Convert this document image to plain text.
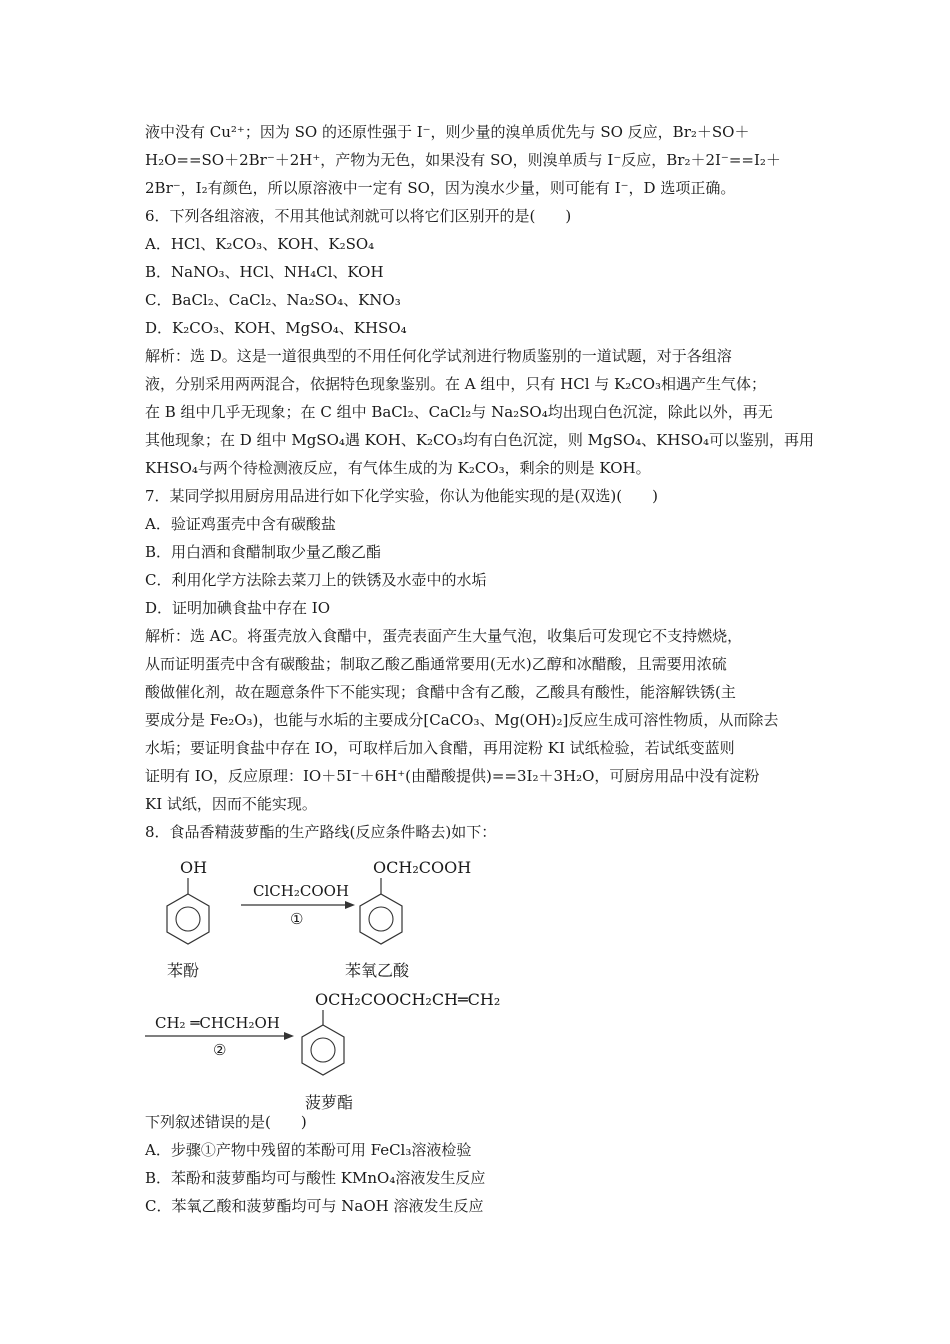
液中没有 Cu²⁺；因为 SO 的还原性强于 I⁻，则少量的溴单质优先与 SO 反应，Br₂＋SO＋
H₂O==SO＋2Br⁻＋2H⁺，产物为无色，如果没有 SO，则溴单质与 I⁻反应，Br₂＋2I⁻==I₂＋
2Br⁻，I₂有颜色，所以原溶液中一定有 SO，因为溴水少量，则可能有 I⁻，D 选项正确。
6．下列各组溶液，不用其他试剂就可以将它们区别开的是(　　)
A．HCl、K₂CO₃、KOH、K₂SO₄
B．NaNO₃、HCl、NH₄Cl、KOH
C．BaCl₂、CaCl₂、Na₂SO₄、KNO₃
D．K₂CO₃、KOH、MgSO₄、KHSO₄
解析：选 D。这是一道很典型的不用任何化学试剂进行物质鉴别的一道试题，对于各组溶
液，分别采用两两混合，依据特色现象鉴别。在 A 组中，只有 HCl 与 K₂CO₃相遇产生气体；
在 B 组中几乎无现象；在 C 组中 BaCl₂、CaCl₂与 Na₂SO₄均出现白色沉淀，除此以外，再无
其他现象；在 D 组中 MgSO₄遇 KOH、K₂CO₃均有白色沉淀，则 MgSO₄、KHSO₄可以鉴别，再用
KHSO₄与两个待检测液反应，有气体生成的为 K₂CO₃，剩余的则是 KOH。
7．某同学拟用厨房用品进行如下化学实验，你认为他能实现的是(双选)(　　)
A．验证鸡蛋壳中含有碳酸盐
B．用白酒和食醋制取少量乙酸乙酯
C．利用化学方法除去菜刀上的铁锈及水壶中的水垢
D．证明加碘食盐中存在 IO
解析：选 AC。将蛋壳放入食醋中，蛋壳表面产生大量气泡，收集后可发现它不支持燃烧，
从而证明蛋壳中含有碳酸盐；制取乙酸乙酯通常要用(无水)乙醇和冰醋酸，且需要用浓硫
酸做催化剂，故在题意条件下不能实现；食醋中含有乙酸，乙酸具有酸性，能溶解铁锈(主
要成分是 Fe₂O₃)，也能与水垢的主要成分[CaCO₃、Mg(OH)₂]反应生成可溶性物质，从而除去
水垢；要证明食盐中存在 IO，可取样后加入食醋，再用淀粉 KI 试纸检验，若试纸变蓝则
证明有 IO，反应原理：IO＋5I⁻＋6H⁺(由醋酸提供)==3I₂＋3H₂O，可厨房用品中没有淀粉
KI 试纸，因而不能实现。
8．食品香精菠萝酯的生产路线(反应条件略去)如下：
OH
苯酚
ClCH₂COOH
①
OCH₂COOH
苯氧乙酸
CH₂ ═CHCH₂OH
②
OCH₂COOCH₂CH═CH₂
菠萝酯
下列叙述错误的是(　　)
A．步骤①产物中残留的苯酚可用 FeCl₃溶液检验
B．苯酚和菠萝酯均可与酸性 KMnO₄溶液发生反应
C．苯氧乙酸和菠萝酯均可与 NaOH 溶液发生反应
